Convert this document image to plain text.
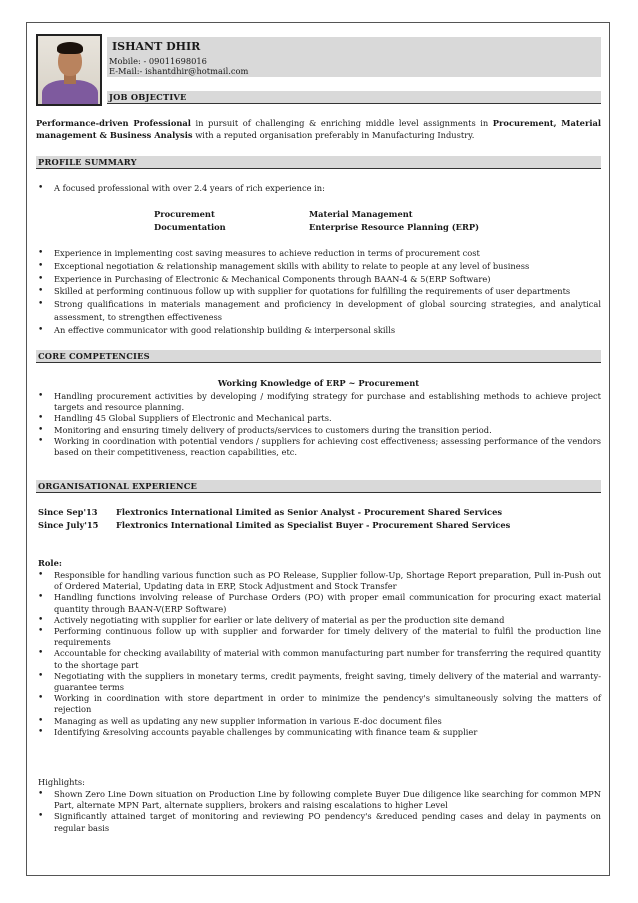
ISHANT DHIR
Mobile: - 09011698016
E-Mail:- ishantdhir@hotmail.com
JOB OBJECTIVE
Performance-driven Professional in pursuit of challenging & enriching middle level assignments in Procurement, Material management & Business Analysis with a reputed organisation preferably in Manufacturing Industry.
PROFILE SUMMARY
• A focused professional with over 2.4 years of rich experience in:
Procurement	Material Management
Documentation	Enterprise Resource Planning (ERP)
• Experience in implementing cost saving measures to achieve reduction in terms of procurement cost
• Exceptional negotiation & relationship management skills with ability to relate to people at any level of business
• Experience in Purchasing of Electronic & Mechanical Components through BAAN-4 & 5(ERP Software)
• Skilled at performing continuous follow up with supplier for quotations for fulfilling the requirements of user departments
• Strong qualifications in materials management and proficiency in development of global sourcing strategies, and analytical assessment, to strengthen effectiveness
• An effective communicator with good relationship building & interpersonal skills
CORE COMPETENCIES
Working Knowledge of ERP ~ Procurement
• Handling procurement activities by developing / modifying strategy for purchase and establishing methods to achieve project targets and resource planning.
• Handling 45 Global Suppliers of Electronic and Mechanical parts.
• Monitoring and ensuring timely delivery of products/services to customers during the transition period.
• Working in coordination with potential vendors / suppliers for achieving cost effectiveness; assessing performance of the vendors based on their competitiveness, reaction capabilities, etc.
ORGANISATIONAL EXPERIENCE
Since Sep'13 Flextronics International Limited as Senior Analyst - Procurement Shared Services
Since July'15 Flextronics International Limited as Specialist Buyer - Procurement Shared Services
Role:
• Responsible for handling various function such as PO Release, Supplier follow-Up, Shortage Report preparation, Pull in-Push out of Ordered Material, Updating data in ERP, Stock Adjustment and Stock Transfer
• Handling functions involving release of Purchase Orders (PO) with proper email communication for procuring exact material quantity through BAAN-V(ERP Software)
• Actively negotiating with supplier for earlier or late delivery of material as per the production site demand
• Performing continuous follow up with supplier and forwarder for timely delivery of the material to fulfil the production line requirements
• Accountable for checking availability of material with common manufacturing part number for transferring the required quantity to the shortage part
• Negotiating with the suppliers in monetary terms, credit payments, freight saving, timely delivery of the material and warranty-guarantee terms
• Working in coordination with store department in order to minimize the pendency's simultaneously solving the matters of rejection
• Managing as well as updating any new supplier information in various E-doc document files
• Identifying &resolving accounts payable challenges by communicating with finance team & supplier
Highlights:
• Shown Zero Line Down situation on Production Line by following complete Buyer Due diligence like searching for common MPN Part, alternate MPN Part, alternate suppliers, brokers and raising escalations to higher Level
• Significantly attained target of monitoring and reviewing PO pendency's &reduced pending cases and delay in payments on regular basis
